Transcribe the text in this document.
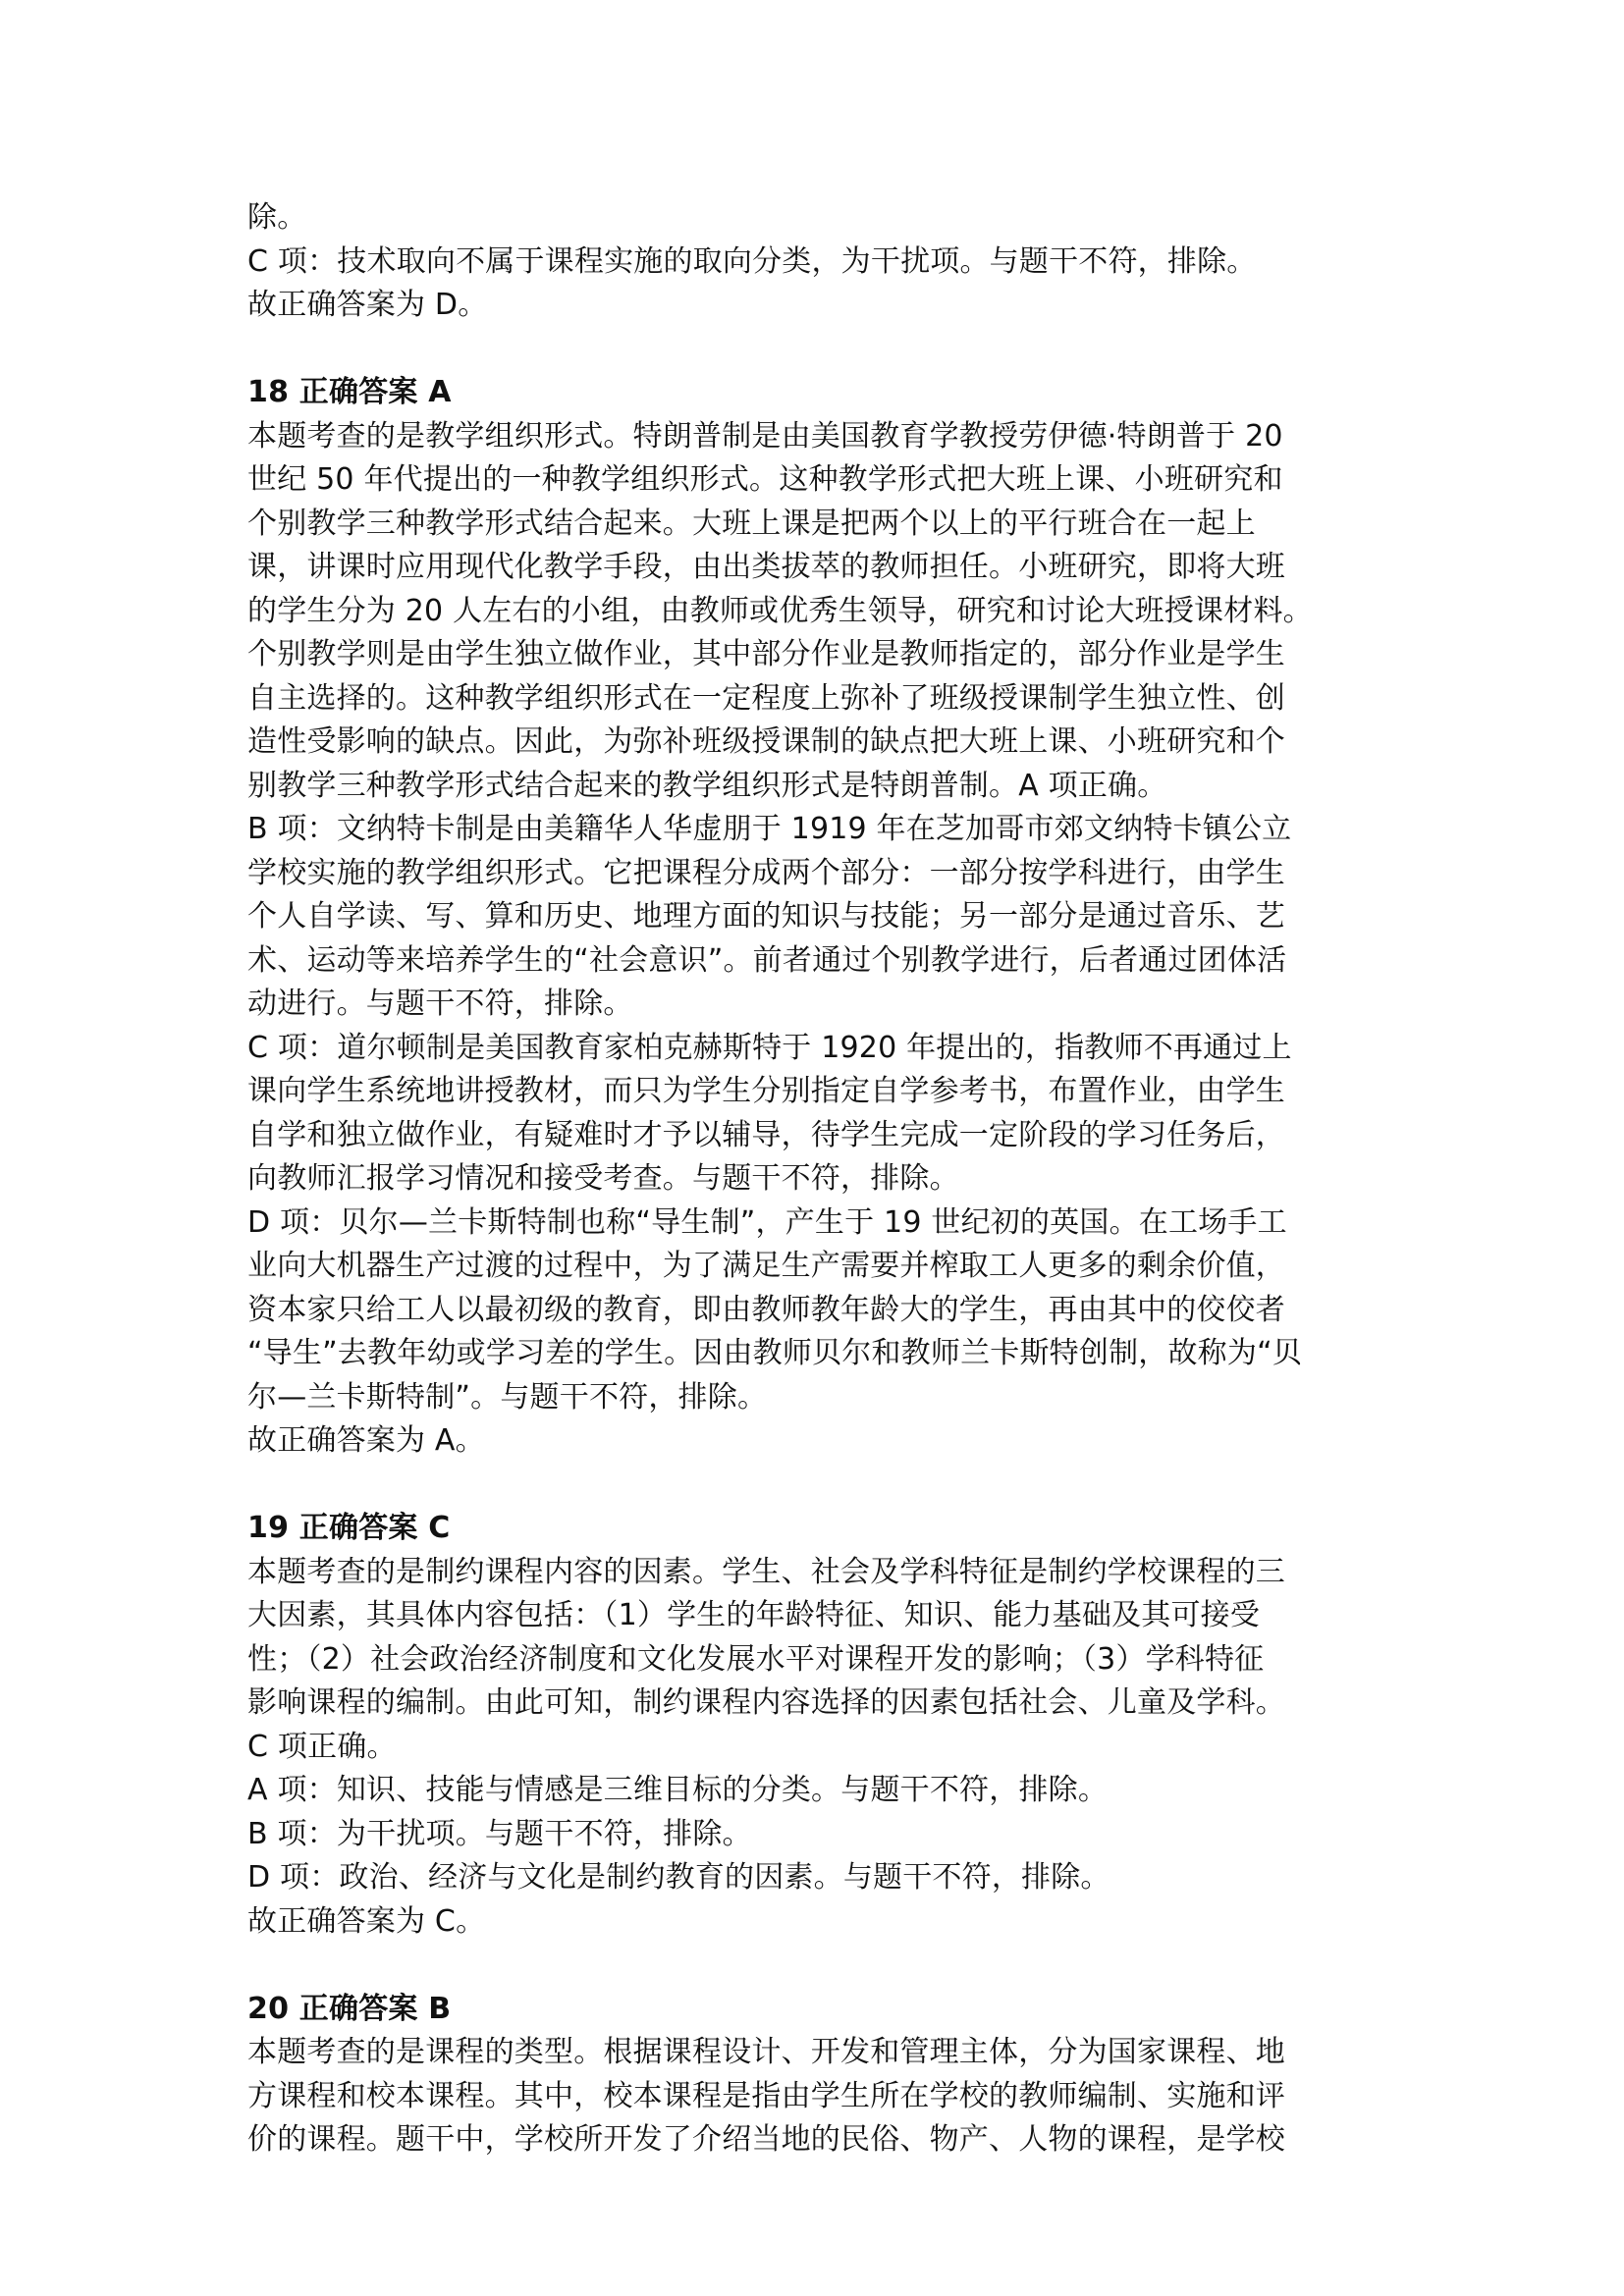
除。
C 项：技术取向不属于课程实施的取向分类，为干扰项。与题干不符，排除。
故正确答案为 D。
18 正确答案 A
本题考查的是教学组织形式。特朗普制是由美国教育学教授劳伊德·特朗普于 20
世纪 50 年代提出的一种教学组织形式。这种教学形式把大班上课、小班研究和
个别教学三种教学形式结合起来。大班上课是把两个以上的平行班合在一起上
课，讲课时应用现代化教学手段，由出类拔萃的教师担任。小班研究，即将大班
的学生分为 20 人左右的小组，由教师或优秀生领导，研究和讨论大班授课材料。
个别教学则是由学生独立做作业，其中部分作业是教师指定的，部分作业是学生
自主选择的。这种教学组织形式在一定程度上弥补了班级授课制学生独立性、创
造性受影响的缺点。因此，为弥补班级授课制的缺点把大班上课、小班研究和个
别教学三种教学形式结合起来的教学组织形式是特朗普制。A 项正确。
B 项：文纳特卡制是由美籍华人华虚朋于 1919 年在芝加哥市郊文纳特卡镇公立
学校实施的教学组织形式。它把课程分成两个部分：一部分按学科进行，由学生
个人自学读、写、算和历史、地理方面的知识与技能；另一部分是通过音乐、艺
术、运动等来培养学生的“社会意识”。前者通过个别教学进行，后者通过团体活
动进行。与题干不符，排除。
C 项：道尔顿制是美国教育家柏克赫斯特于 1920 年提出的，指教师不再通过上
课向学生系统地讲授教材，而只为学生分别指定自学参考书，布置作业，由学生
自学和独立做作业，有疑难时才予以辅导，待学生完成一定阶段的学习任务后，
向教师汇报学习情况和接受考查。与题干不符，排除。
D 项：贝尔—兰卡斯特制也称“导生制”，产生于 19 世纪初的英国。在工场手工
业向大机器生产过渡的过程中，为了满足生产需要并榨取工人更多的剩余价值，
资本家只给工人以最初级的教育，即由教师教年龄大的学生，再由其中的佼佼者
“导生”去教年幼或学习差的学生。因由教师贝尔和教师兰卡斯特创制，故称为“贝
尔—兰卡斯特制”。与题干不符，排除。
故正确答案为 A。
19 正确答案 C
本题考查的是制约课程内容的因素。学生、社会及学科特征是制约学校课程的三
大因素，其具体内容包括：（1）学生的年龄特征、知识、能力基础及其可接受
性；（2）社会政治经济制度和文化发展水平对课程开发的影响；（3）学科特征
影响课程的编制。由此可知，制约课程内容选择的因素包括社会、儿童及学科。
C 项正确。
A 项：知识、技能与情感是三维目标的分类。与题干不符，排除。
B 项：为干扰项。与题干不符，排除。
D 项：政治、经济与文化是制约教育的因素。与题干不符，排除。
故正确答案为 C。
20 正确答案 B
本题考查的是课程的类型。根据课程设计、开发和管理主体，分为国家课程、地
方课程和校本课程。其中，校本课程是指由学生所在学校的教师编制、实施和评
价的课程。题干中，学校所开发了介绍当地的民俗、物产、人物的课程，是学校
